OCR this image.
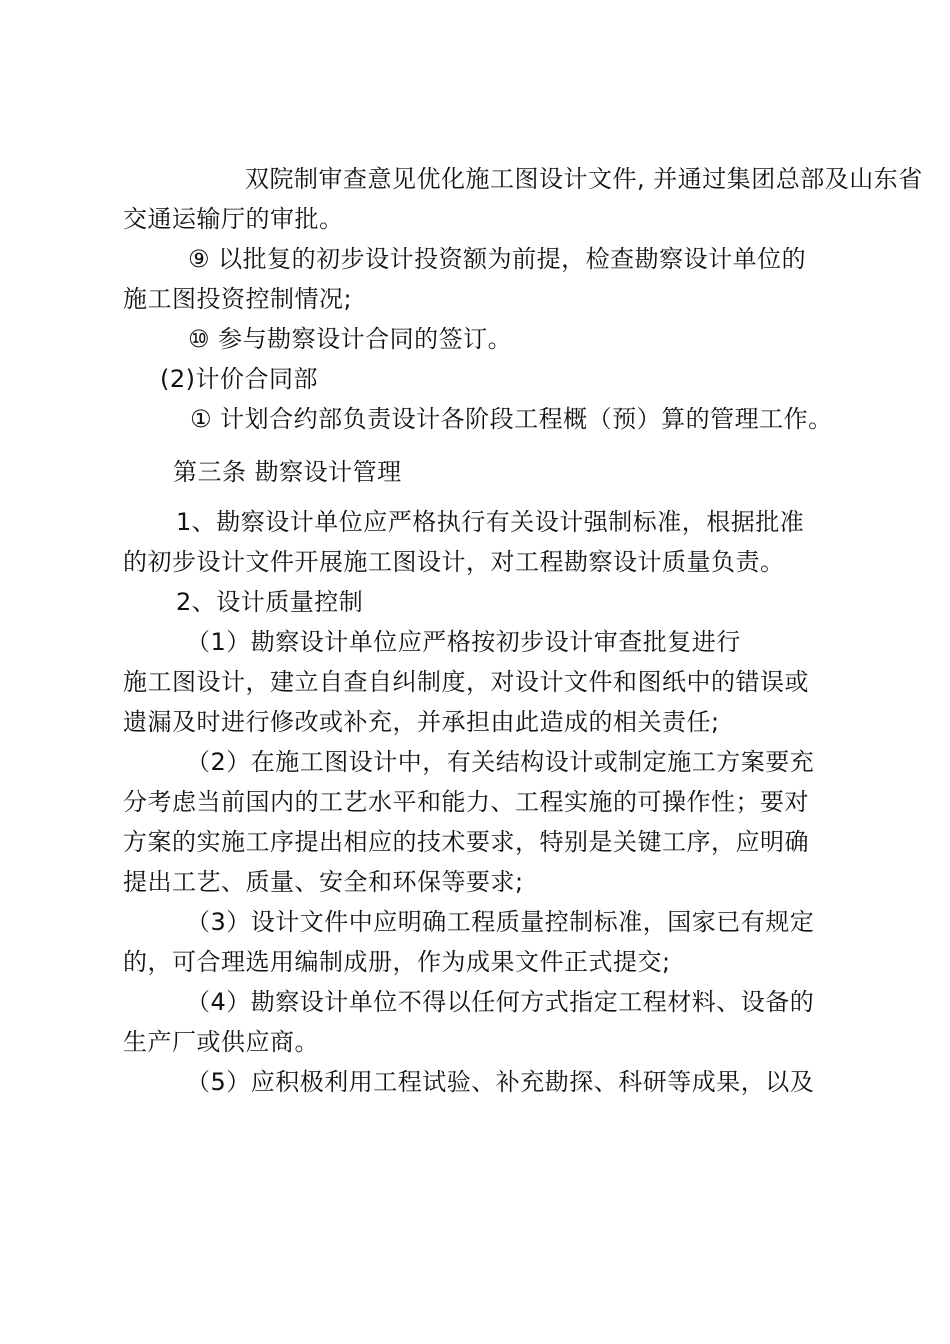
双院制审查意见优化施工图设计文件, 并通过集团总部及山东省
交通运输厅的审批。
⑨ 以批复的初步设计投资额为前提，检查勘察设计单位的
施工图投资控制情况;
⑩ 参与勘察设计合同的签订。
(2)计价合同部
① 计划合约部负责设计各阶段工程概（预）算的管理工作。
第三条 勘察设计管理
1、勘察设计单位应严格执行有关设计强制标准，根据批准
的初步设计文件开展施工图设计，对工程勘察设计质量负责。
2、设计质量控制
（1）勘察设计单位应严格按初步设计审查批复进行
施工图设计，建立自查自纠制度，对设计文件和图纸中的错误或
遗漏及时进行修改或补充，并承担由此造成的相关责任;
（2）在施工图设计中，有关结构设计或制定施工方案要充
分考虑当前国内的工艺水平和能力、工程实施的可操作性；要对
方案的实施工序提出相应的技术要求，特别是关键工序，应明确
提出工艺、质量、安全和环保等要求;
（3）设计文件中应明确工程质量控制标准，国家已有规定
的，可合理选用编制成册，作为成果文件正式提交;
（4）勘察设计单位不得以任何方式指定工程材料、设备的
生产厂或供应商。
（5）应积极利用工程试验、补充勘探、科研等成果，以及
